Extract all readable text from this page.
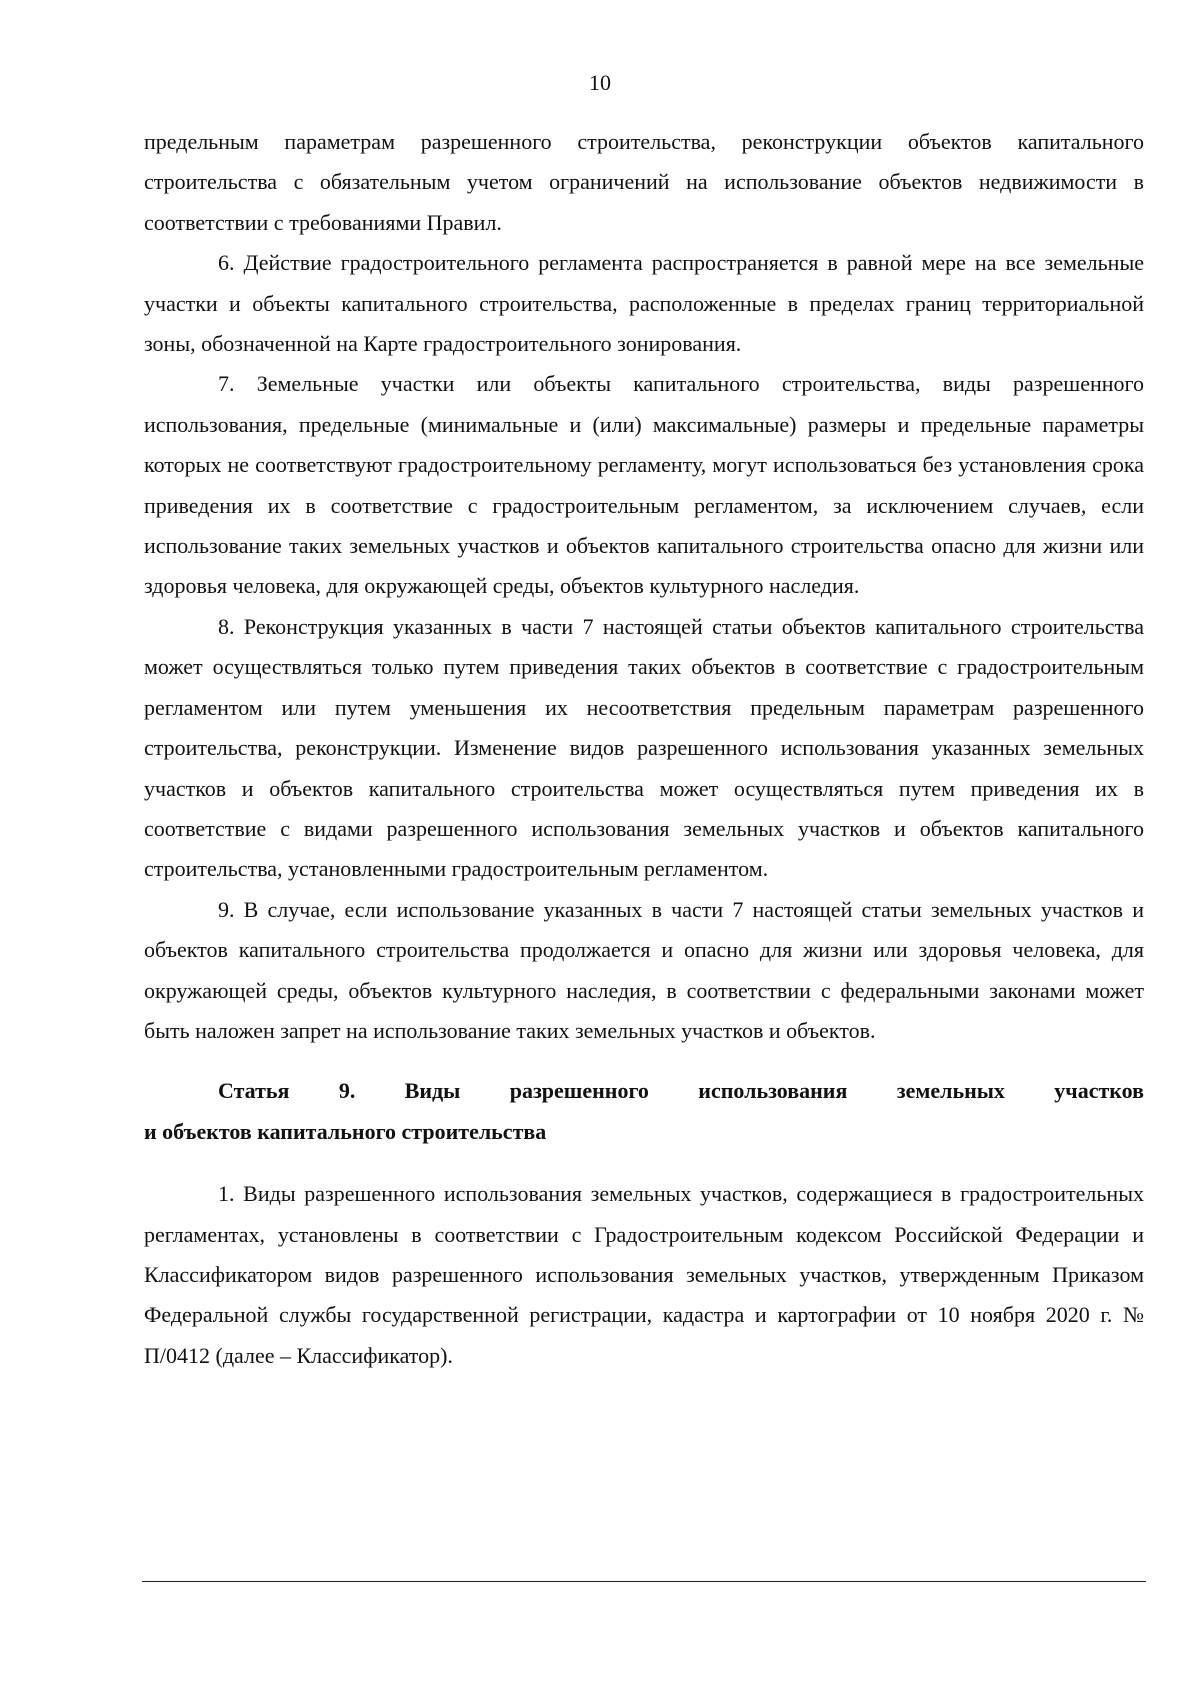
10

предельным параметрам разрешенного строительства, реконструкции объектов капитального строительства с обязательным учетом ограничений на использование объектов недвижимости в соответствии с требованиями Правил.

6. Действие градостроительного регламента распространяется в равной мере на все земельные участки и объекты капитального строительства, расположенные в пределах границ территориальной зоны, обозначенной на Карте градостроительного зонирования.

7. Земельные участки или объекты капитального строительства, виды разрешенного использования, предельные (минимальные и (или) максимальные) размеры и предельные параметры которых не соответствуют градостроительному регламенту, могут использоваться без установления срока приведения их в соответствие с градостроительным регламентом, за исключением случаев, если использование таких земельных участков и объектов капитального строительства опасно для жизни или здоровья человека, для окружающей среды, объектов культурного наследия.

8. Реконструкция указанных в части 7 настоящей статьи объектов капитального строительства может осуществляться только путем приведения таких объектов в соответствие с градостроительным регламентом или путем уменьшения их несоответствия предельным параметрам разрешенного строительства, реконструкции. Изменение видов разрешенного использования указанных земельных участков и объектов капитального строительства может осуществляться путем приведения их в соответствие с видами разрешенного использования земельных участков и объектов капитального строительства, установленными градостроительным регламентом.

9. В случае, если использование указанных в части 7 настоящей статьи земельных участков и объектов капитального строительства продолжается и опасно для жизни или здоровья человека, для окружающей среды, объектов культурного наследия, в соответствии с федеральными законами может быть наложен запрет на использование таких земельных участков и объектов.

Статья 9. Виды разрешенного использования земельных участков
и объектов капитального строительства

1. Виды разрешенного использования земельных участков, содержащиеся в градостроительных регламентах, установлены в соответствии с Градостроительным кодексом Российской Федерации и Классификатором видов разрешенного использования земельных участков, утвержденным Приказом Федеральной службы государственной регистрации, кадастра и картографии от 10 ноября 2020 г. № П/0412 (далее – Классификатор).
